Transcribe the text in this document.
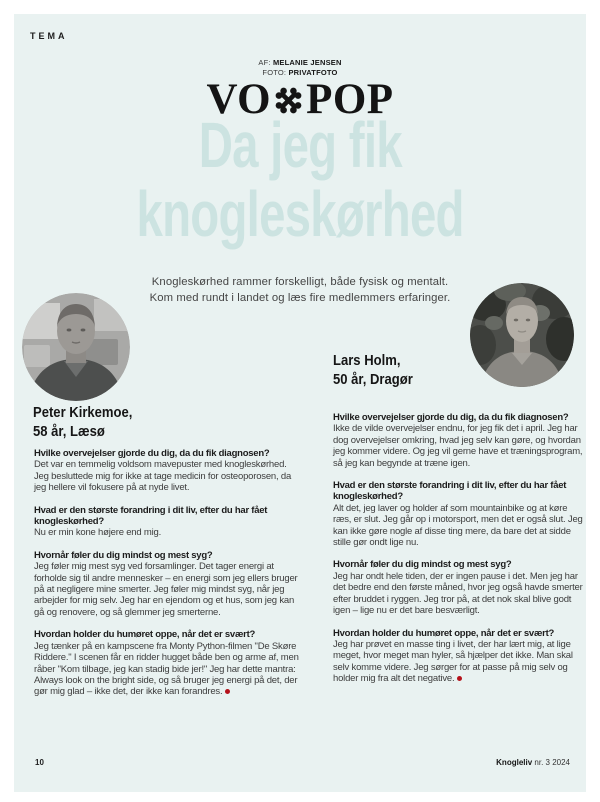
TEMA
AF: MELANIE JENSEN
FOTO: PRIVATFOTO
VO POP
Da jeg fik
knogleskørhed
Knogleskørhed rammer forskelligt, både fysisk og mentalt.
Kom med rundt i landet og læs fire medlemmers erfaringer.
Peter Kirkemoe,
58 år, Læsø
Lars Holm,
50 år, Dragør
Hvilke overvejelser gjorde du dig, da du fik diagnosen?
Det var en temmelig voldsom mavepuster med knogleskørhed. Jeg besluttede mig for ikke at tage medicin for osteoporosen, da jeg hellere vil fokusere på at nyde livet.
Hvad er den største forandring i dit liv, efter du har fået knogleskørhed?
Nu er min kone højere end mig.
Hvornår føler du dig mindst og mest syg?
Jeg føler mig mest syg ved forsamlinger. Det tager energi at forholde sig til andre mennesker – en energi som jeg ellers bruger på at negligere mine smerter. Jeg føler mig mindst syg, når jeg arbejder for mig selv. Jeg har en ejendom og et hus, som jeg kan gå og renovere, og så glemmer jeg smerterne.
Hvordan holder du humøret oppe, når det er svært?
Jeg tænker på en kampscene fra Monty Python-filmen "De Skøre Riddere." I scenen får en ridder hugget både ben og arme af, men råber "Kom tilbage, jeg kan stadig bide jer!" Jeg har dette mantra: Always look on the bright side, og så bruger jeg energi på det, der gør mig glad – ikke det, der ikke kan forandres.
Hvilke overvejelser gjorde du dig, da du fik diagnosen?
Ikke de vilde overvejelser endnu, for jeg fik det i april. Jeg har dog overvejelser omkring, hvad jeg selv kan gøre, og hvordan jeg kommer videre. Og jeg vil gerne have et træningsprogram, så jeg kan begynde at træne igen.
Hvad er den største forandring i dit liv, efter du har fået knogleskørhed?
Alt det, jeg laver og holder af som mountainbike og at køre ræs, er slut. Jeg går op i motorsport, men det er også slut. Jeg kan ikke gøre nogle af disse ting mere, da bare det at sidde stille gør ondt lige nu.
Hvornår føler du dig mindst og mest syg?
Jeg har ondt hele tiden, der er ingen pause i det. Men jeg har det bedre end den første måned, hvor jeg også havde smerter efter bruddet i ryggen. Jeg tror på, at det nok skal blive godt igen – lige nu er det bare besværligt.
Hvordan holder du humøret oppe, når det er svært?
Jeg har prøvet en masse ting i livet, der har lært mig, at lige meget, hvor meget man hyler, så hjælper det ikke. Man skal selv komme videre. Jeg sørger for at passe på mig selv og holder mig fra alt det negative.
10	Knogleliv nr. 3 2024
